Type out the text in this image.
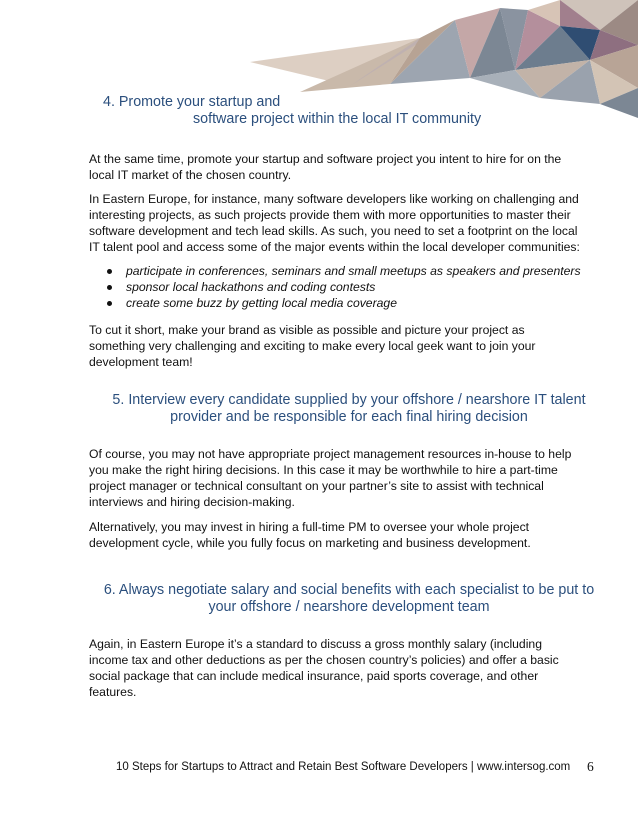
4. Promote your startup and
software project within the local IT community

At the same time, promote your startup and software project you intent to hire for on the
local IT market of the chosen country.

In Eastern Europe, for instance, many software developers like working on challenging and
interesting projects, as such projects provide them with more opportunities to master their
software development and tech lead skills. As such, you need to set a footprint on the local
IT talent pool and access some of the major events within the local developer communities:

participate in conferences, seminars and small meetups as speakers and presenters
sponsor local hackathons and coding contests
create some buzz by getting local media coverage

To cut it short, make your brand as visible as possible and picture your project as
something very challenging and exciting to make every local geek want to join your
development team!

5. Interview every candidate supplied by your offshore / nearshore IT talent
provider and be responsible for each final hiring decision

Of course, you may not have appropriate project management resources in-house to help
you make the right hiring decisions. In this case it may be worthwhile to hire a part-time
project manager or technical consultant on your partner’s site to assist with technical
interviews and hiring decision-making.

Alternatively, you may invest in hiring a full-time PM to oversee your whole project
development cycle, while you fully focus on marketing and business development.

6. Always negotiate salary and social benefits with each specialist to be put to
your offshore / nearshore development team

Again, in Eastern Europe it’s a standard to discuss a gross monthly salary (including
income tax and other deductions as per the chosen country’s policies) and offer a basic
social package that can include medical insurance, paid sports coverage, and other
features.

10 Steps for Startups to Attract and Retain Best Software Developers | www.intersog.com 6
